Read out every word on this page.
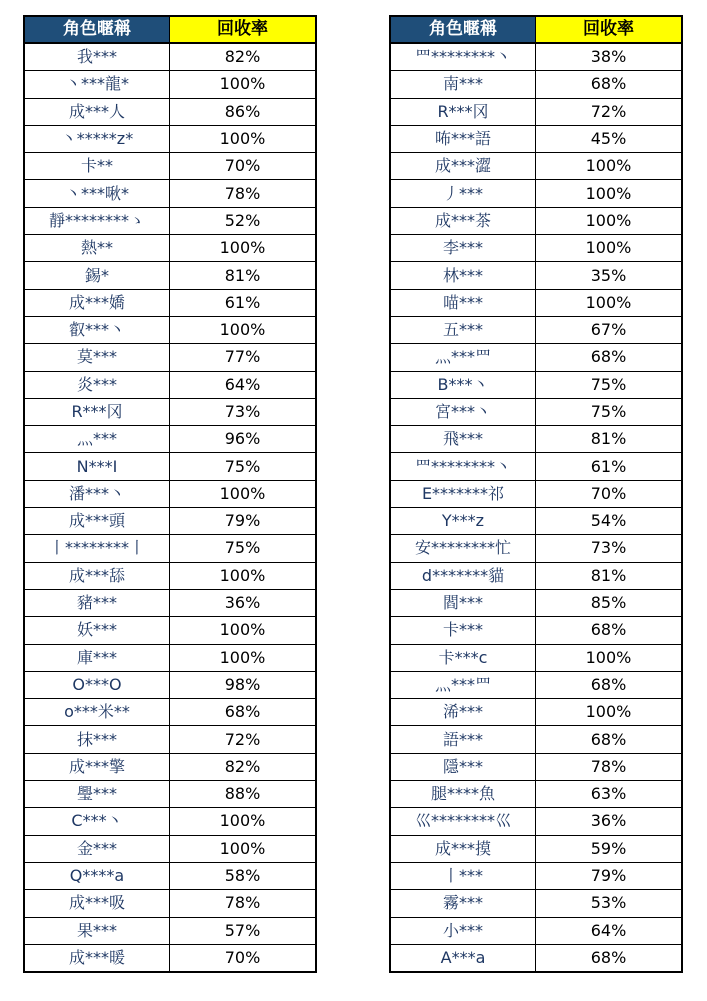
角色暱稱	回收率
我***	82%
丶***龍*	100%
成***人	86%
丶*****z*	100%
卡**	70%
丶***啾*	78%
靜********ゝ	52%
熱**	100%
錫*	81%
成***嬌	61%
叡***丶	100%
莫***	77%
炎***	64%
R***冈	73%
灬***	96%
N***I	75%
潘***丶	100%
成***頭	79%
丨********丨	75%
成***舔	100%
豬***	36%
妖***	100%
庫***	100%
O***O	98%
o***米**	68%
抹***	72%
成***擎	82%
璺***	88%
C***丶	100%
金***	100%
Q****a	58%
成***吸	78%
果***	57%
成***暖	70%
角色暱稱	回收率
罒********丶	38%
南***	68%
R***冈	72%
咘***語	45%
成***澀	100%
丿***	100%
成***茶	100%
李***	100%
林***	35%
喵***	100%
五***	67%
灬***罒	68%
B***丶	75%
宮***丶	75%
飛***	81%
罒********丶	61%
E*******祁	70%
Y***z	54%
安********忙	73%
d*******貓	81%
閻***	85%
卡***	68%
卡***c	100%
灬***罒	68%
浠***	100%
語***	68%
隱***	78%
腿****魚	63%
巛********巛	36%
成***摸	59%
丨***	79%
霧***	53%
小***	64%
A***a	68%
